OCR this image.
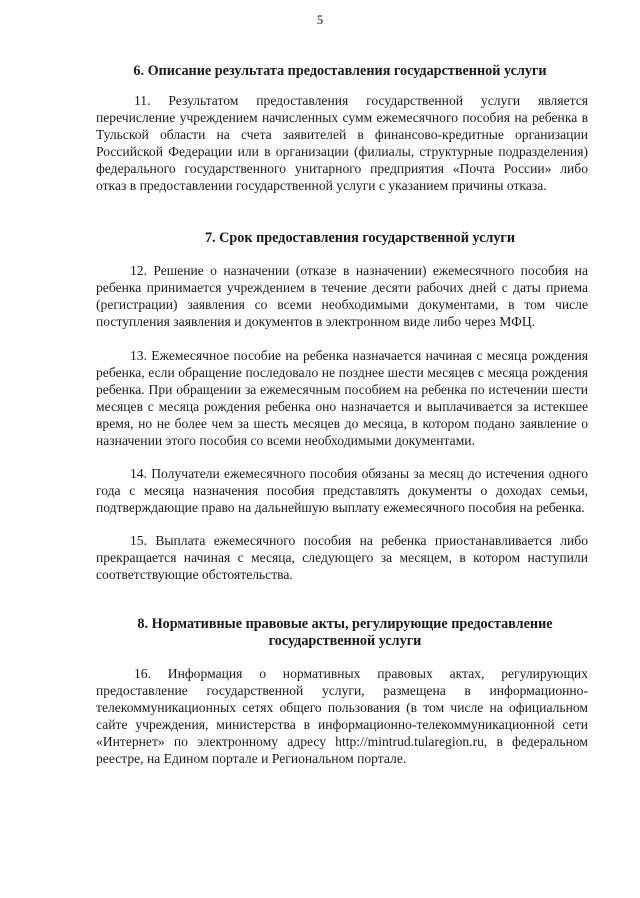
5
6. Описание результата предоставления государственной услуги

11. Результатом предоставления государственной услуги является перечисление учреждением начисленных сумм ежемесячного пособия на ребенка в Тульской области на счета заявителей в финансово-кредитные организации Российской Федерации или в организации (филиалы, структурные подразделения) федерального государственного унитарного предприятия «Почта России» либо отказ в предоставлении государственной услуги с указанием причины отказа.

7. Срок предоставления государственной услуги

12. Решение о назначении (отказе в назначении) ежемесячного пособия на ребенка принимается учреждением в течение десяти рабочих дней с даты приема (регистрации) заявления со всеми необходимыми документами, в том числе поступления заявления и документов в электронном виде либо через МФЦ.

13. Ежемесячное пособие на ребенка назначается начиная с месяца рождения ребенка, если обращение последовало не позднее шести месяцев с месяца рождения ребенка. При обращении за ежемесячным пособием на ребенка по истечении шести месяцев с месяца рождения ребенка оно назначается и выплачивается за истекшее время, но не более чем за шесть месяцев до месяца, в котором подано заявление о назначении этого пособия со всеми необходимыми документами.

14. Получатели ежемесячного пособия обязаны за месяц до истечения одного года с месяца назначения пособия представлять документы о доходах семьи, подтверждающие право на дальнейшую выплату ежемесячного пособия на ребенка.

15. Выплата ежемесячного пособия на ребенка приостанавливается либо прекращается начиная с месяца, следующего за месяцем, в котором наступили соответствующие обстоятельства.

8. Нормативные правовые акты, регулирующие предоставление государственной услуги

16. Информация о нормативных правовых актах, регулирующих предоставление государственной услуги, размещена в информационно-телекоммуникационных сетях общего пользования (в том числе на официальном сайте учреждения, министерства в информационно-телекоммуникационной сети «Интернет» по электронному адресу http://mintrud.tularegion.ru, в федеральном реестре, на Едином портале и Региональном портале.
